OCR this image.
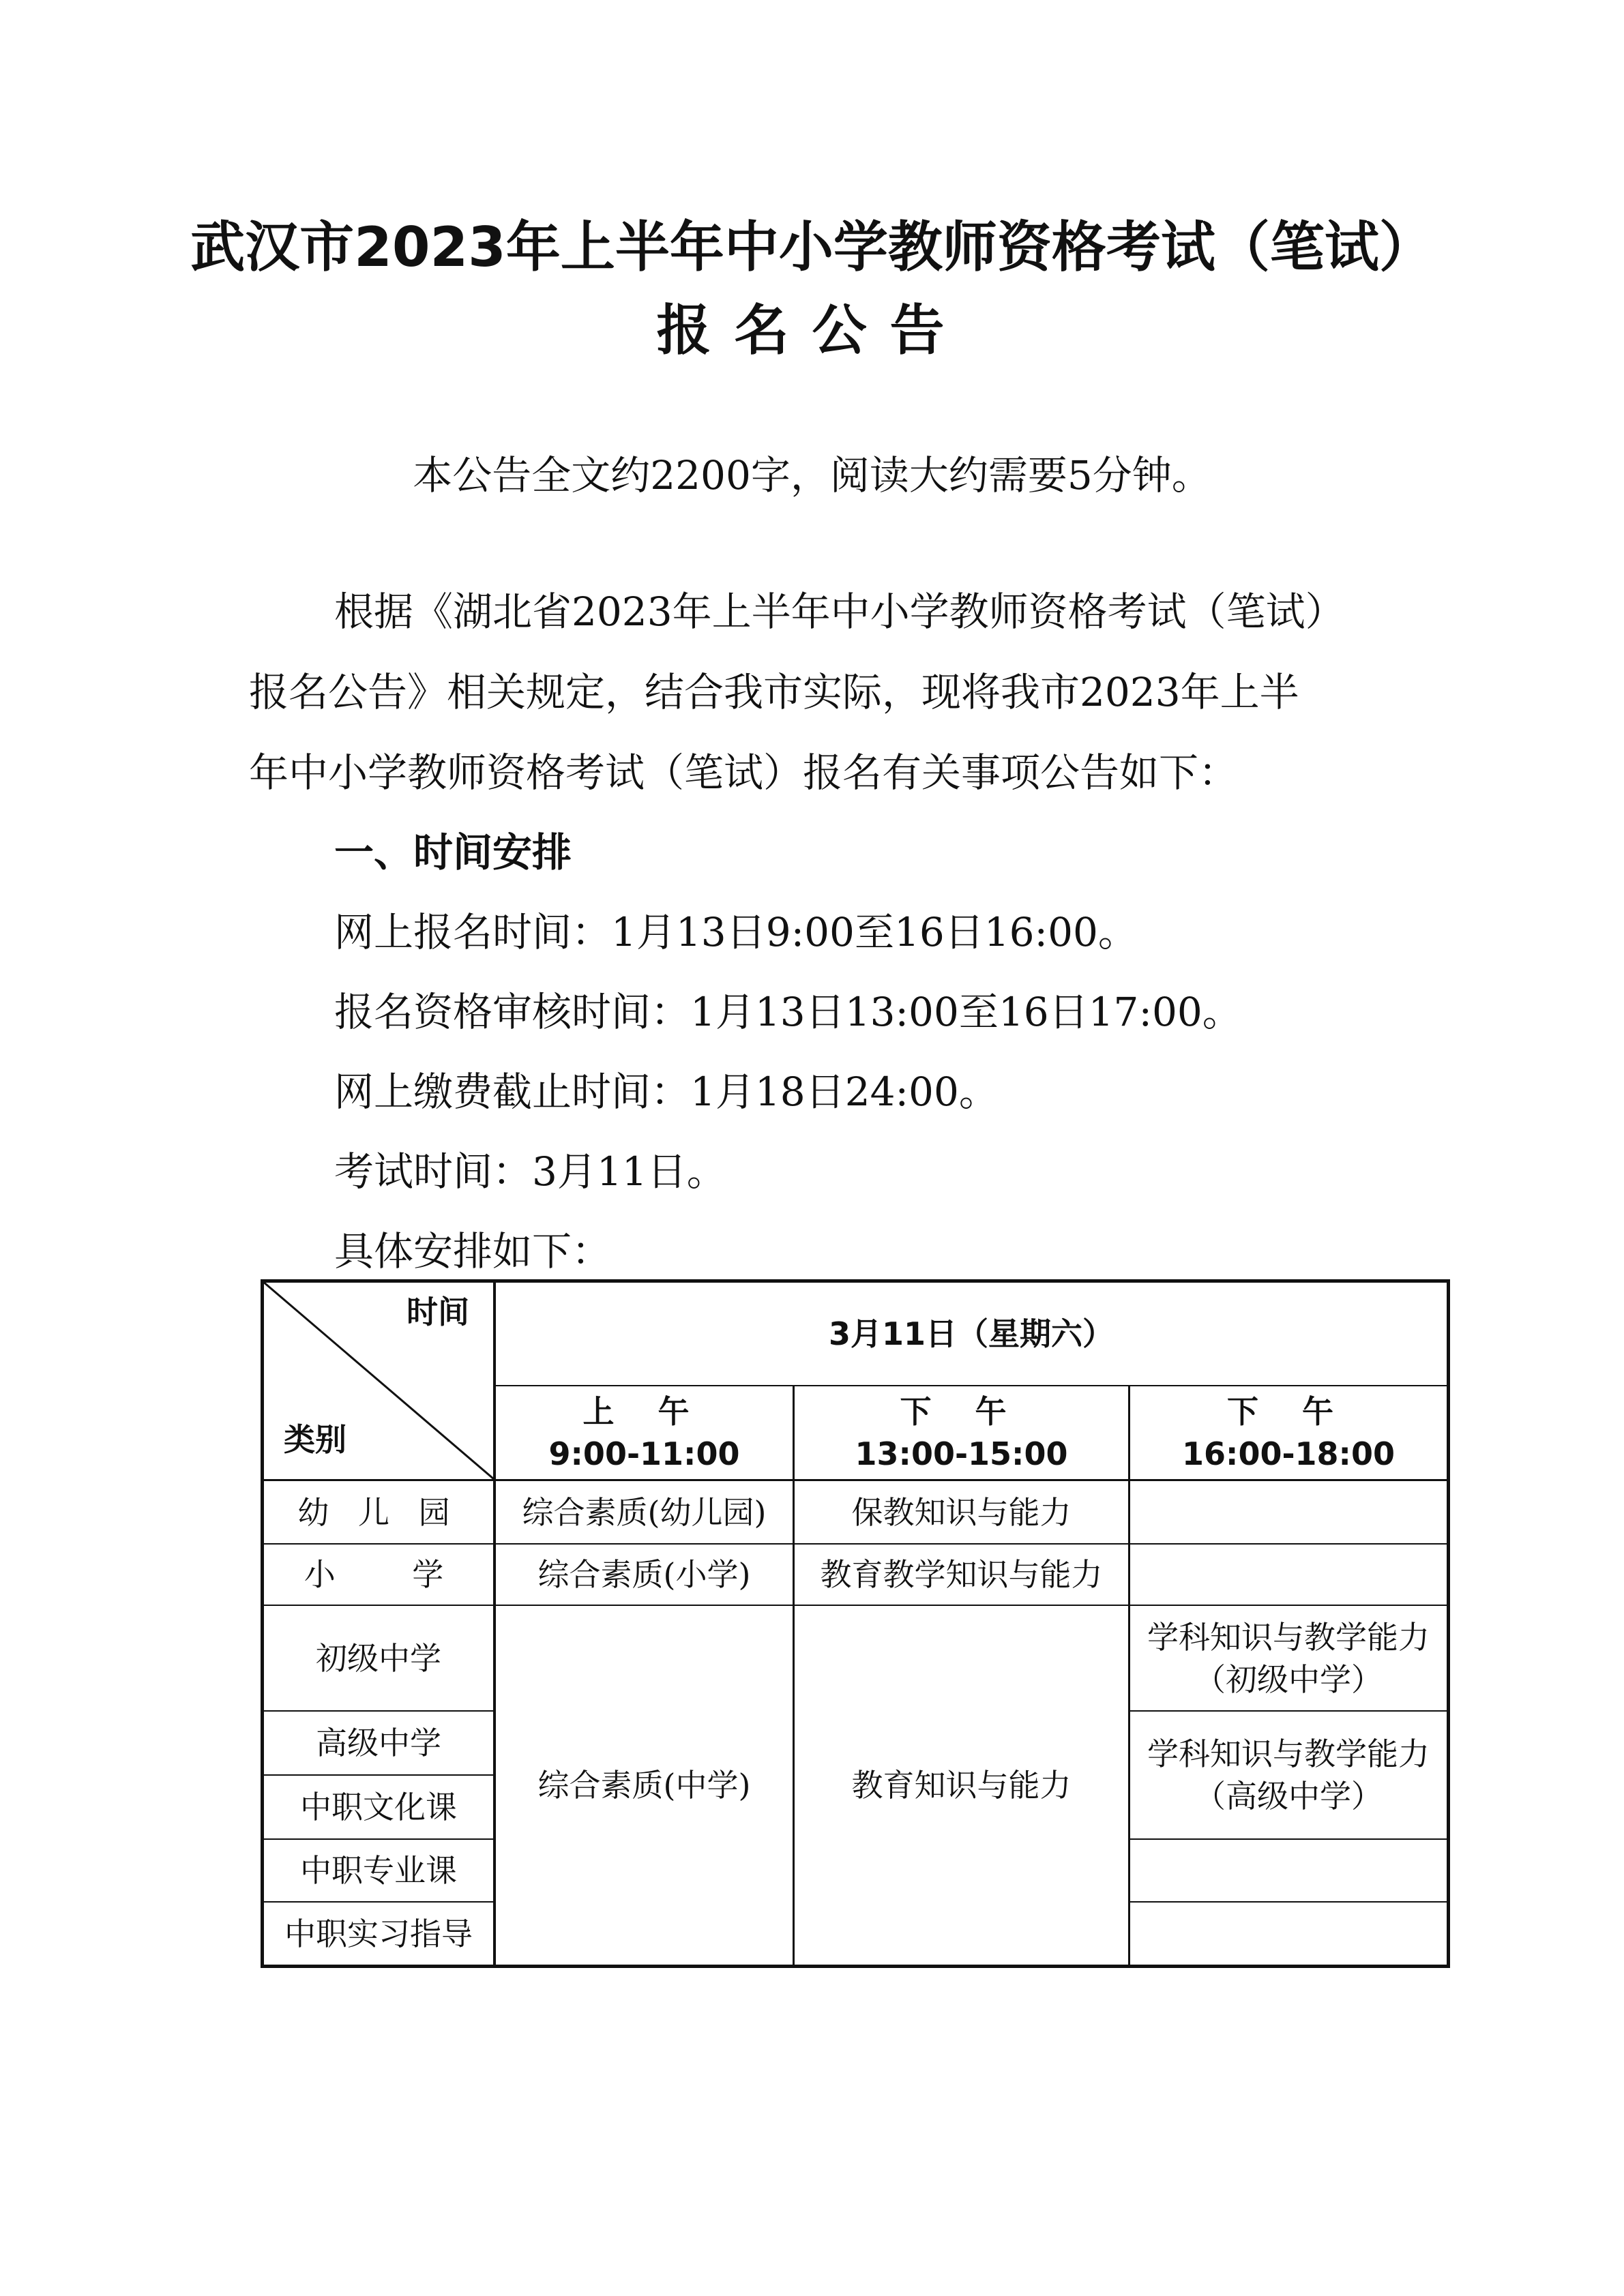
武汉市2023年上半年中小学教师资格考试（笔试）
报名公告
本公告全文约2200字，阅读大约需要5分钟。
根据《湖北省2023年上半年中小学教师资格考试（笔试）
报名公告》相关规定，结合我市实际，现将我市2023年上半
年中小学教师资格考试（笔试）报名有关事项公告如下：
一、时间安排
网上报名时间：1月13日9:00至16日16:00。
报名资格审核时间：1月13日13:00至16日17:00。
网上缴费截止时间：1月18日24:00。
考试时间：3月11日。
具体安排如下：
时间
类别
3月11日（星期六）
上 午
9:00-11:00
下 午
13:00-15:00
下 午
16:00-18:00
幼 儿 园
小 学
初级中学
高级中学
中职文化课
中职专业课
中职实习指导
综合素质(幼儿园)
综合素质(小学)
综合素质(中学)
保教知识与能力
教育教学知识与能力
教育知识与能力
学科知识与教学能力（初级中学）
学科知识与教学能力（高级中学）
